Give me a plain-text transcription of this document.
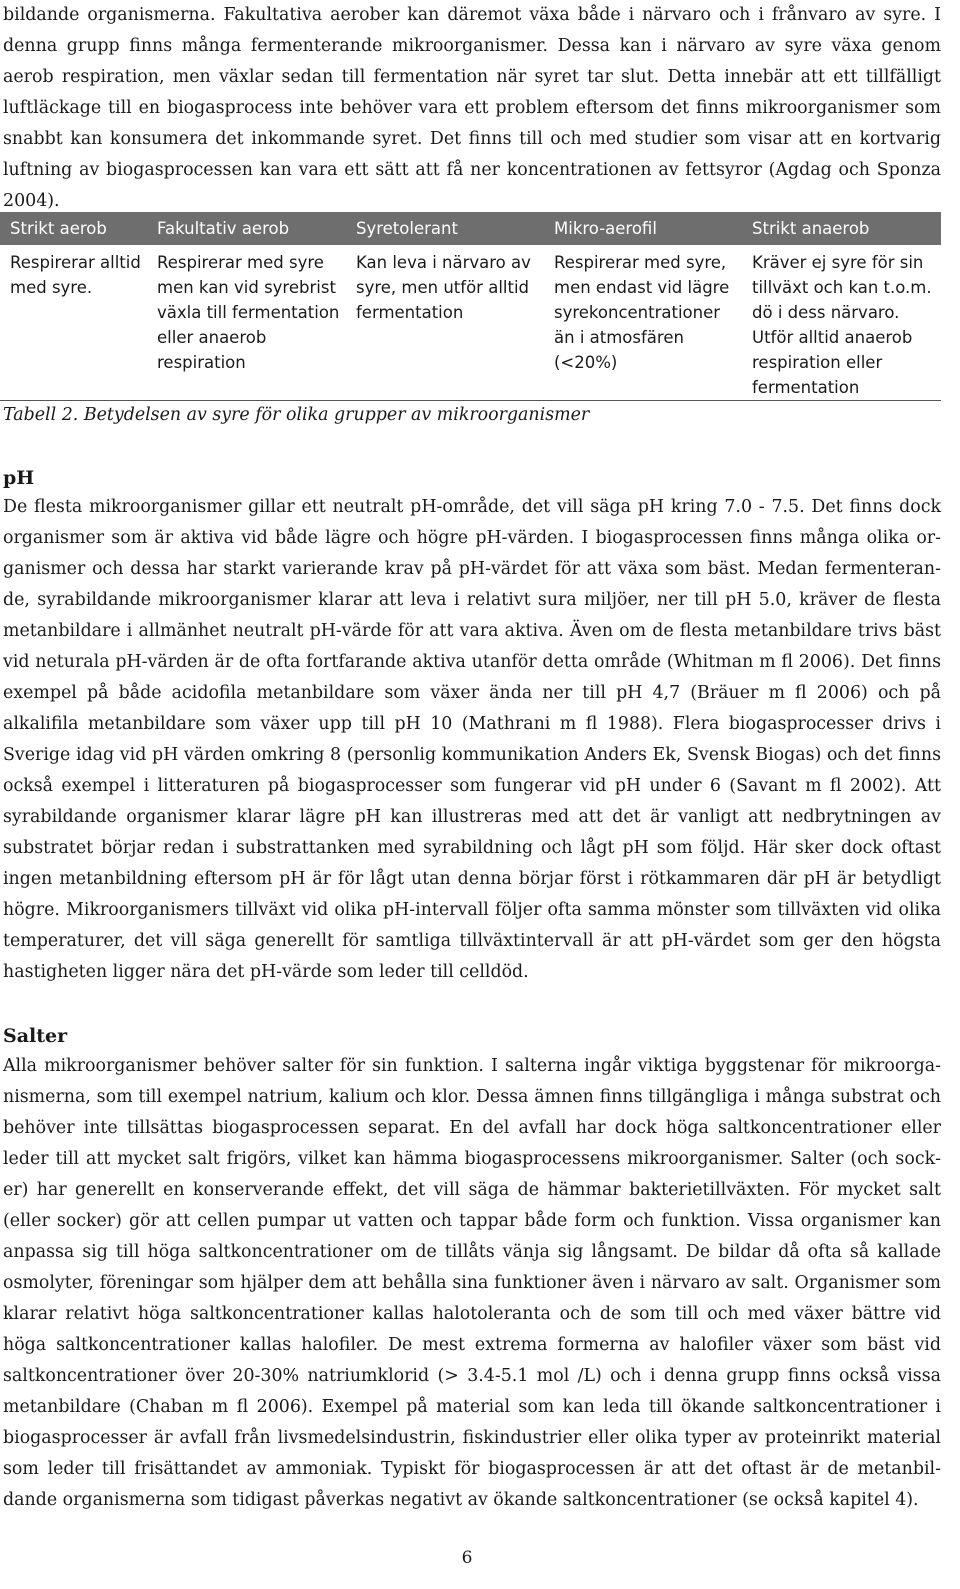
bildande organismerna. Fakultativa aerober kan däremot växa både i närvaro och i frånvaro av syre. I denna grupp finns många fermenterande mikroorganismer. Dessa kan i närvaro av syre växa genom aerob respiration, men växlar sedan till fermentation när syret tar slut. Detta innebär att ett tillfälligt luftläckage till en biogasprocess inte behöver vara ett problem eftersom det finns mikroorganismer som snabbt kan konsumera det inkommande syret. Det finns till och med studier som visar att en kortvarig luftning av biogasprocessen kan vara ett sätt att få ner koncentrationen av fettsyror (Agdag och Sponza 2004).

Strikt aerob	Fakultativ aerob	Syretolerant	Mikro-aerofil	Strikt anaerob
Respirerar alltid med syre.	Respirerar med syre men kan vid syrebrist växla till fermentation eller anaerob respiration	Kan leva i närvaro av syre, men utför alltid fermentation	Respirerar med syre, men endast vid lägre syrekoncentrationer än i atmosfären (<20%)	Kräver ej syre för sin tillväxt och kan t.o.m. dö i dess närvaro. Utför alltid anaerob respiration eller fermentation

Tabell 2. Betydelsen av syre för olika grupper av mikroorganismer

pH

De flesta mikroorganismer gillar ett neutralt pH-område, det vill säga pH kring 7.0 - 7.5. Det finns dock organismer som är aktiva vid både lägre och högre pH-värden. I biogasprocessen finns många olika organismer och dessa har starkt varierande krav på pH-värdet för att växa som bäst. Medan fermenterande, syrabildande mikroorganismer klarar att leva i relativt sura miljöer, ner till pH 5.0, kräver de flesta metanbildare i allmänhet neutralt pH-värde för att vara aktiva. Även om de flesta metanbildare trivs bäst vid neturala pH-värden är de ofta fortfarande aktiva utanför detta område (Whitman m fl 2006). Det finns exempel på både acidofila metanbildare som växer ända ner till pH 4,7 (Bräuer m fl 2006) och på alkalifila metanbildare som växer upp till pH 10 (Mathrani m fl 1988). Flera biogasprocesser drivs i Sverige idag vid pH värden omkring 8 (personlig kommunikation Anders Ek, Svensk Biogas) och det finns också exempel i litteraturen på biogasprocesser som fungerar vid pH under 6 (Savant m fl 2002). Att syrabildande organismer klarar lägre pH kan illustreras med att det är vanligt att nedbrytningen av substratet börjar redan i substrattanken med syrabildning och lågt pH som följd. Här sker dock oftast ingen metanbildning eftersom pH är för lågt utan denna börjar först i rötkammaren där pH är betydligt högre. Mikroorganismers tillväxt vid olika pH-intervall följer ofta samma mönster som tillväxten vid olika temperaturer, det vill säga generellt för samtliga tillväxtintervall är att pH-värdet som ger den högsta hastigheten ligger nära det pH-värde som leder till celldöd.

Salter

Alla mikroorganismer behöver salter för sin funktion. I salterna ingår viktiga byggstenar för mikroorganismerna, som till exempel natrium, kalium och klor. Dessa ämnen finns tillgängliga i många substrat och behöver inte tillsättas biogasprocessen separat. En del avfall har dock höga saltkoncentrationer eller leder till att mycket salt frigörs, vilket kan hämma biogasprocessens mikroorganismer. Salter (och socker) har generellt en konserverande effekt, det vill säga de hämmar bakterietillväxten. För mycket salt (eller socker) gör att cellen pumpar ut vatten och tappar både form och funktion. Vissa organismer kan anpassa sig till höga saltkoncentrationer om de tillåts vänja sig långsamt. De bildar då ofta så kallade osmolyter, föreningar som hjälper dem att behålla sina funktioner även i närvaro av salt. Organismer som klarar relativt höga saltkoncentrationer kallas halotoleranta och de som till och med växer bättre vid höga saltkoncentrationer kallas halofiler. De mest extrema formerna av halofiler växer som bäst vid saltkoncentrationer över 20-30% natriumklorid (> 3.4-5.1 mol /L) och i denna grupp finns också vissa metanbildare (Chaban m fl 2006). Exempel på material som kan leda till ökande saltkoncentrationer i biogasprocesser är avfall från livsmedelsindustrin, fiskindustrier eller olika typer av proteinrikt material som leder till frisättandet av ammoniak. Typiskt för biogasprocessen är att det oftast är de metanbildande organismerna som tidigast påverkas negativt av ökande saltkoncentrationer (se också kapitel 4).

6
